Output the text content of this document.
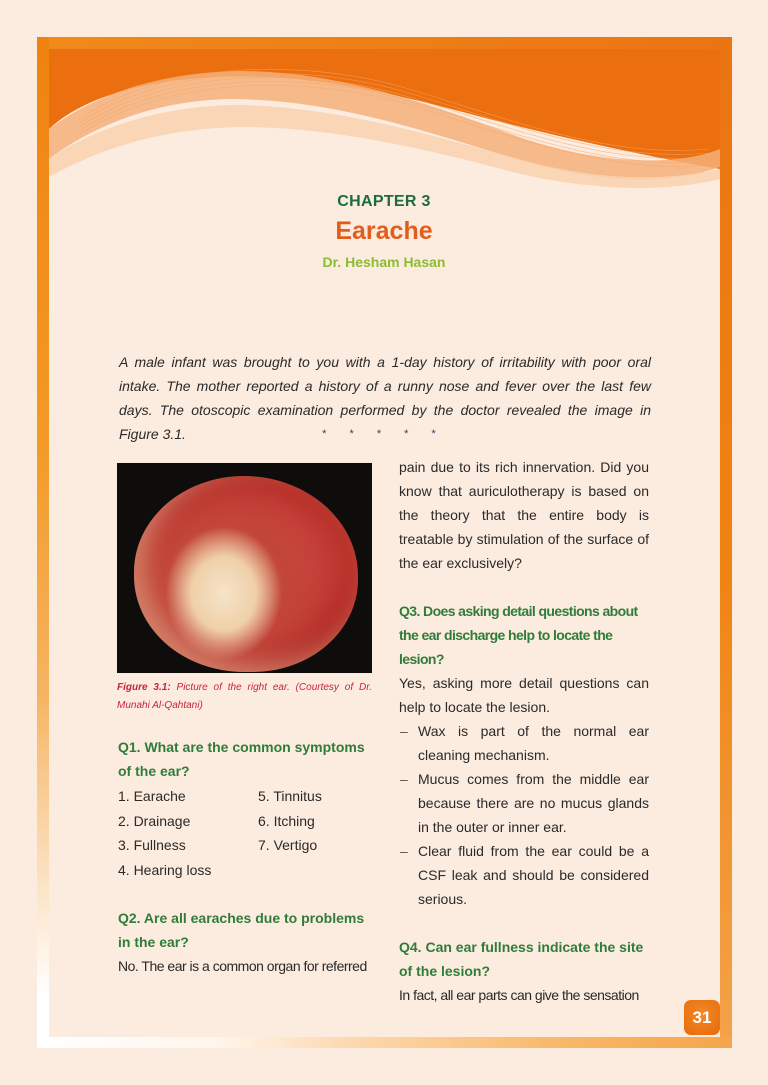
CHAPTER 3
Earache
Dr. Hesham Hasan

A male infant was brought to you with a 1-day history of irritability with poor oral intake. The mother reported a history of a runny nose and fever over the last few days. The otoscopic examination performed by the doctor revealed the image in Figure 3.1.	* * * * *
Figure 3.1: Picture of the right ear. (Courtesy of Dr. Munahi Al-Qahtani)

Q1. What are the common symptoms of the ear?

1. Earache	5. Tinnitus
2. Drainage	6. Itching
3. Fullness	7. Vertigo
4. Hearing loss

Q2. Are all earaches due to problems in the ear?

No. The ear is a common organ for referred

pain due to its rich innervation. Did you know that auriculotherapy is based on the theory that the entire body is treatable by stimulation of the surface of the ear exclusively?

Q3. Does asking detail questions about the ear discharge help to locate the lesion?

Yes, asking more detail questions can help to locate the lesion.

– Wax is part of the normal ear cleaning mechanism.
– Mucus comes from the middle ear because there are no mucus glands in the outer or inner ear.
– Clear fluid from the ear could be a CSF leak and should be considered serious.

Q4. Can ear fullness indicate the site of the lesion?

In fact, all ear parts can give the sensation

31
